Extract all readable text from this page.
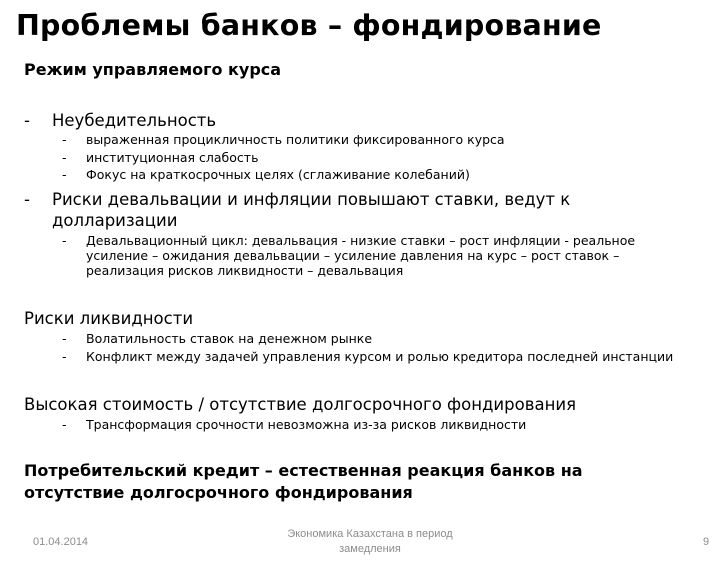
Проблемы банков – фондирование
Режим управляемого курса
- Неубедительность
- выраженная процикличность политики фиксированного курса
- институционная слабость
- Фокус на краткосрочных целях (сглаживание колебаний)
- Риски девальвации и инфляции повышают ставки, ведут к
долларизации
- Девальвационный цикл: девальвация - низкие ставки – рост инфляции - реальное
усиление – ожидания девальвации – усиление давления на курс – рост ставок –
реализация рисков ликвидности – девальвация
Риски ликвидности
- Волатильность ставок на денежном рынке
- Конфликт между задачей управления курсом и ролью кредитора последней инстанции
Высокая стоимость / отсутствие долгосрочного фондирования
- Трансформация срочности невозможна из-за рисков ликвидности
Потребительский кредит – естественная реакция банков на
отсутствие долгосрочного фондирования
01.04.2014
Экономика Казахстана в период
замедления
9
